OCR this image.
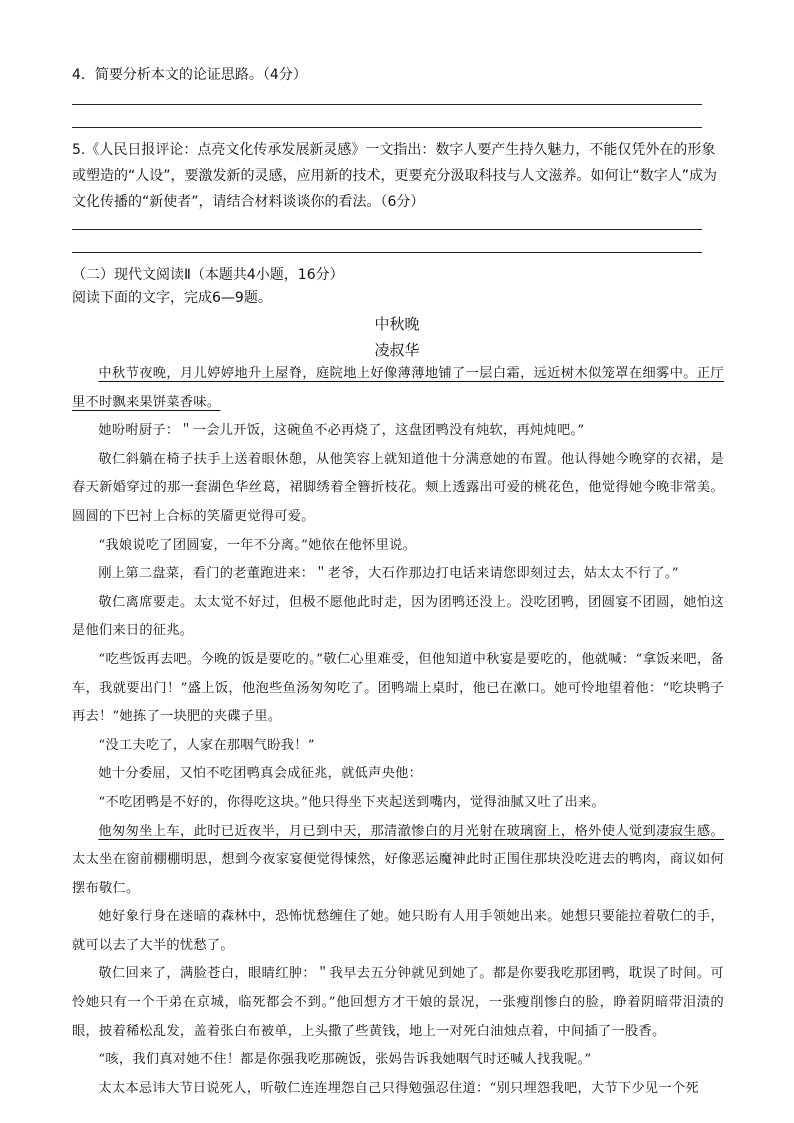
4．简要分析本文的论证思路。（4分）
5.《人民日报评论：点亮文化传承发展新灵感》一文指出：数字人要产生持久魅力，不能仅凭外在的形象或塑造的“人设”，要激发新的灵感，应用新的技术，更要充分汲取科技与人文滋养。如何让“数字人”成为文化传播的“新使者”，请结合材料谈谈你的看法。（6分）
（二）现代文阅读Ⅱ（本题共4小题，16分）
阅读下面的文字，完成6—9题。
中秋晚
凌叔华

中秋节夜晚，月儿婷婷地升上屋脊，庭院地上好像薄薄地铺了一层白霜，远近树木似笼罩在细雾中。正厅里不时飘来果饼菜香味。

她吩咐厨子：＂一会儿开饭，这碗鱼不必再烧了，这盘团鸭没有炖软，再炖炖吧。”

敬仁斜躺在椅子扶手上送着眼休憩，从他笑容上就知道他十分满意她的布置。他认得她今晚穿的衣裙，是春天新婚穿过的那一套湖色华丝葛，裙脚绣着全簪折枝花。颊上透露出可爱的桃花色，他觉得她今晚非常美。圆圆的下巴衬上合标的笑靥更觉得可爱。

“我娘说吃了团圆宴，一年不分离。”她依在他怀里说。

刚上第二盘菜，看门的老董跑进来：＂老爷，大石作那边打电话来请您即刻过去，姑太太不行了。”

敬仁离席要走。太太觉不好过，但极不愿他此时走，因为团鸭还没上。没吃团鸭，团圆宴不团圆，她怕这是他们来日的征兆。

“吃些饭再去吧。今晚的饭是要吃的。”敬仁心里难受，但他知道中秋宴是要吃的，他就喊：“拿饭来吧，备车，我就要出门！”盛上饭，他泡些鱼汤匆匆吃了。团鸭端上桌时，他已在漱口。她可怜地望着他：“吃块鸭子再去！”她拣了一块肥的夹碟子里。

“没工夫吃了，人家在那咽气盼我！”

她十分委屈，又怕不吃团鸭真会成征兆，就低声央他：

“不吃团鸭是不好的，你得吃这块。”他只得坐下夹起送到嘴内，觉得油腻又吐了出来。

他匆匆坐上车，此时已近夜半，月已到中天，那清澈惨白的月光射在玻璃窗上，格外使人觉到凄寂生感。太太坐在窗前棚棚明思，想到今夜家宴便觉得悚然，好像恶运魔神此时正围住那块没吃进去的鸭肉，商议如何摆布敬仁。

她好象行身在迷暗的森林中，恐怖忧愁缠住了她。她只盼有人用手领她出来。她想只要能拉着敬仁的手，就可以去了大半的忧愁了。

敬仁回来了，满脸苍白，眼睛红肿：＂我早去五分钟就见到她了。都是你要我吃那团鸭，耽误了时间。可怜她只有一个干弟在京城，临死都会不到。”他回想方才干娘的景况，一张瘦削惨白的脸，睁着阴暗带泪渍的眼，披着稀松乱发，盖着张白布被单，上头撒了些黄钱，地上一对死白油烛点着，中间插了一股香。

“咳，我们真对她不住！都是你强我吃那碗饭，张妈告诉我她咽气时还喊人找我呢。”

太太本忌讳大节日说死人，听敬仁连连埋怨自己只得勉强忍住道：“别只埋怨我吧，大节下少见一个死
